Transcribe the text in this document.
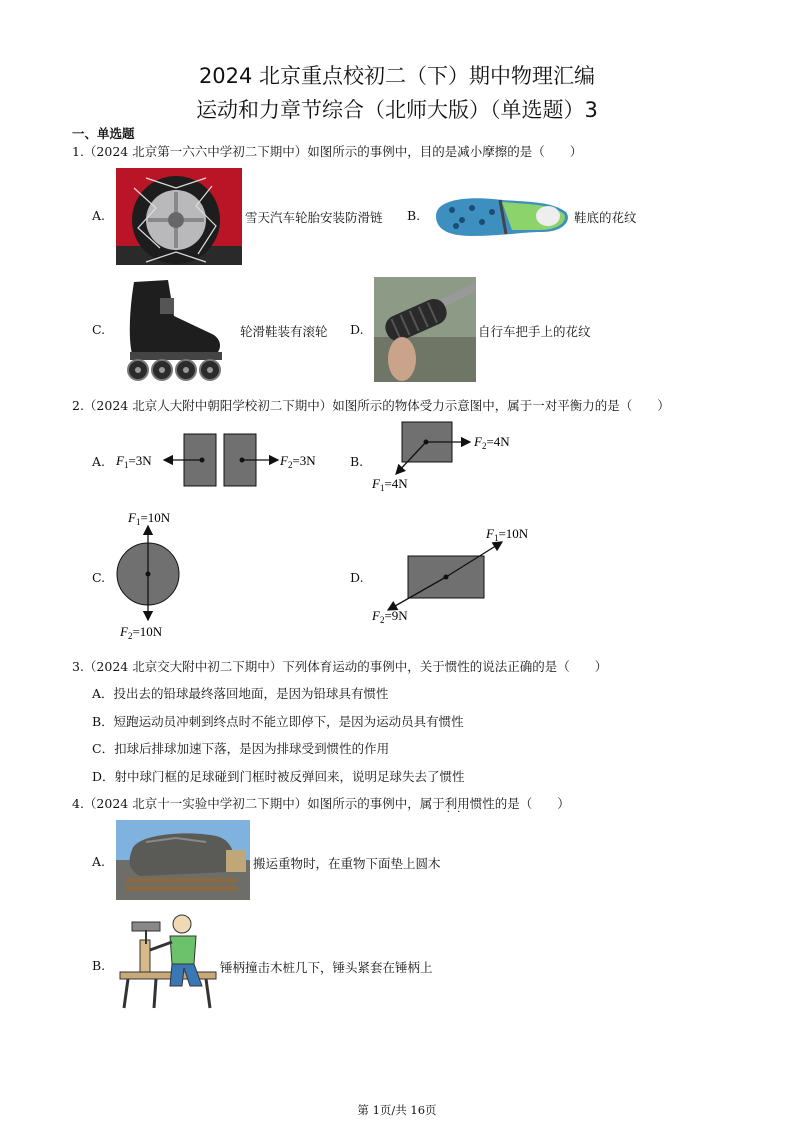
2024 北京重点校初二（下）期中物理汇编
运动和力章节综合（北师大版）（单选题）3
一、单选题
1.（2024 北京第一六六中学初二下期中）如图所示的事例中，目的是减小摩擦的是（　　）
A.	雪天汽车轮胎安装防滑链 B.	鞋底的花纹
C.	轮滑鞋装有滚轮 D.	自行车把手上的花纹
2.（2024 北京人大附中朝阳学校初二下期中）如图所示的物体受力示意图中，属于一对平衡力的是（　　）
A. $F_1=3N$	$F_2=3N$	B.
$F_2=4N$
$F_1=4N$
C.
$F_1=10N$
$F_2=10N$
D.
$F_1=10N$
$F_2=9N$
3.（2024 北京交大附中初二下期中）下列体育运动的事例中，关于惯性的说法正确的是（　　）
A．投出去的铅球最终落回地面，是因为铅球具有惯性
B．短跑运动员冲刺到终点时不能立即停下，是因为运动员具有惯性
C．扣球后排球加速下落，是因为排球受到惯性的作用
D．射中球门框的足球碰到门框时被反弹回来，说明足球失去了惯性
4.（2024 北京十一实验中学初二下期中）如图所示的事例中，属于利用 · ·惯性的是（　　）
A.	搬运重物时，在重物下面垫上圆木
B.	锤柄撞击木桩几下，锤头紧套在锤柄上
第 1页/共 16页
